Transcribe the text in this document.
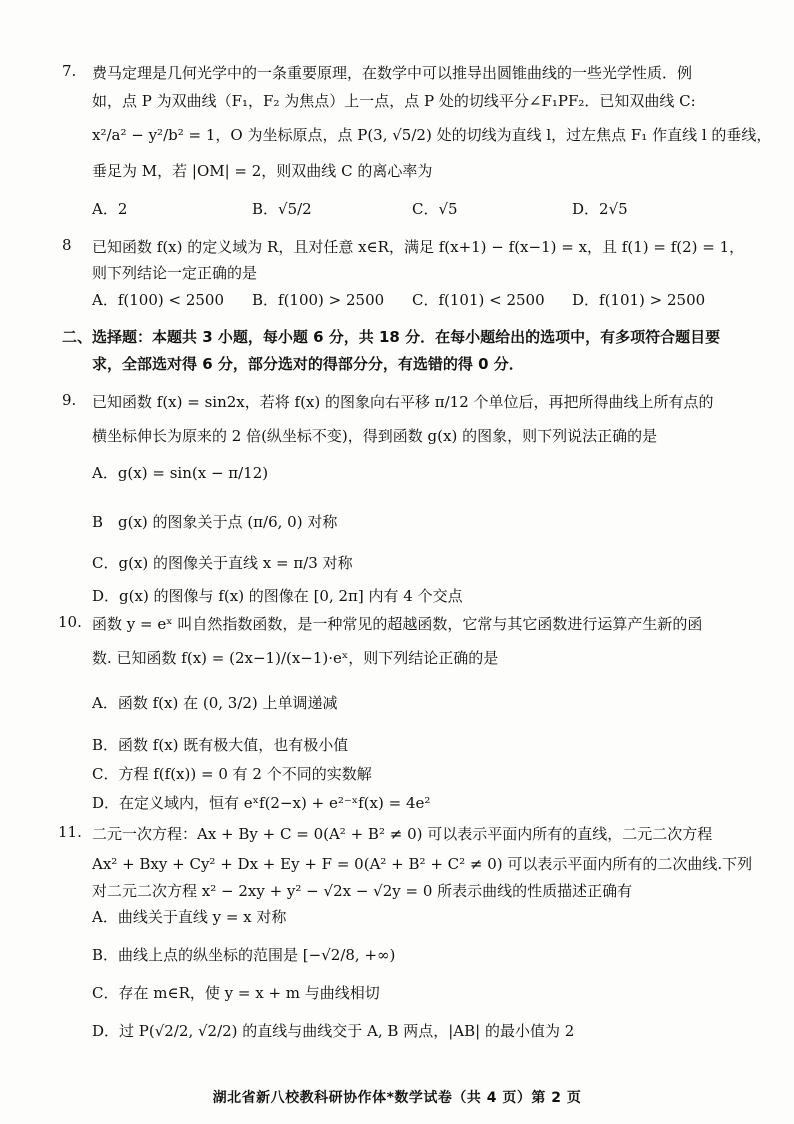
7. 费马定理是几何光学中的一条重要原理，在数学中可以推导出圆锥曲线的一些光学性质．例
如，点 P 为双曲线（F₁，F₂ 为焦点）上一点，点 P 处的切线平分∠F₁PF₂．已知双曲线 C:
x²/a² − y²/b² = 1，O 为坐标原点，点 P(3, √5/2) 处的切线为直线 l，过左焦点 F₁ 作直线 l 的垂线，
垂足为 M，若 |OM| = 2，则双曲线 C 的离心率为
A．2	B．√5/2	C．√5	D．2√5
8 已知函数 f(x) 的定义域为 R，且对任意 x∈R，满足 f(x+1) − f(x−1) = x，且 f(1) = f(2) = 1，
则下列结论一定正确的是
A．f(100) < 2500	B．f(100) > 2500	C．f(101) < 2500	D．f(101) > 2500
二、选择题：本题共 3 小题，每小题 6 分，共 18 分．在每小题给出的选项中，有多项符合题目要
求，全部选对得 6 分，部分选对的得部分分，有选错的得 0 分．
9. 已知函数 f(x) = sin2x，若将 f(x) 的图象向右平移 π/12 个单位后，再把所得曲线上所有点的
横坐标伸长为原来的 2 倍(纵坐标不变)，得到函数 g(x) 的图象，则下列说法正确的是
A．g(x) = sin(x − π/12)
B　g(x) 的图象关于点 (π/6, 0) 对称
C．g(x) 的图像关于直线 x = π/3 对称
D．g(x) 的图像与 f(x) 的图像在 [0, 2π] 内有 4 个交点
10. 函数 y = eˣ 叫自然指数函数，是一种常见的超越函数，它常与其它函数进行运算产生新的函
数. 已知函数 f(x) = (2x−1)/(x−1)·eˣ，则下列结论正确的是
A．函数 f(x) 在 (0, 3/2) 上单调递减
B．函数 f(x) 既有极大值，也有极小值
C．方程 f(f(x)) = 0 有 2 个不同的实数解
D．在定义域内，恒有 eˣf(2−x) + e²⁻ˣf(x) = 4e²
11. 二元一次方程：Ax + By + C = 0(A² + B² ≠ 0) 可以表示平面内所有的直线，二元二次方程
Ax² + Bxy + Cy² + Dx + Ey + F = 0(A² + B² + C² ≠ 0) 可以表示平面内所有的二次曲线.下列
对二元二次方程 x² − 2xy + y² − √2x − √2y = 0 所表示曲线的性质描述正确有
A．曲线关于直线 y = x 对称
B．曲线上点的纵坐标的范围是 [−√2/8, +∞)
C．存在 m∈R，使 y = x + m 与曲线相切
D．过 P(√2/2, √2/2) 的直线与曲线交于 A, B 两点，|AB| 的最小值为 2
湖北省新八校教科研协作体*数学试卷（共 4 页）第 2 页
